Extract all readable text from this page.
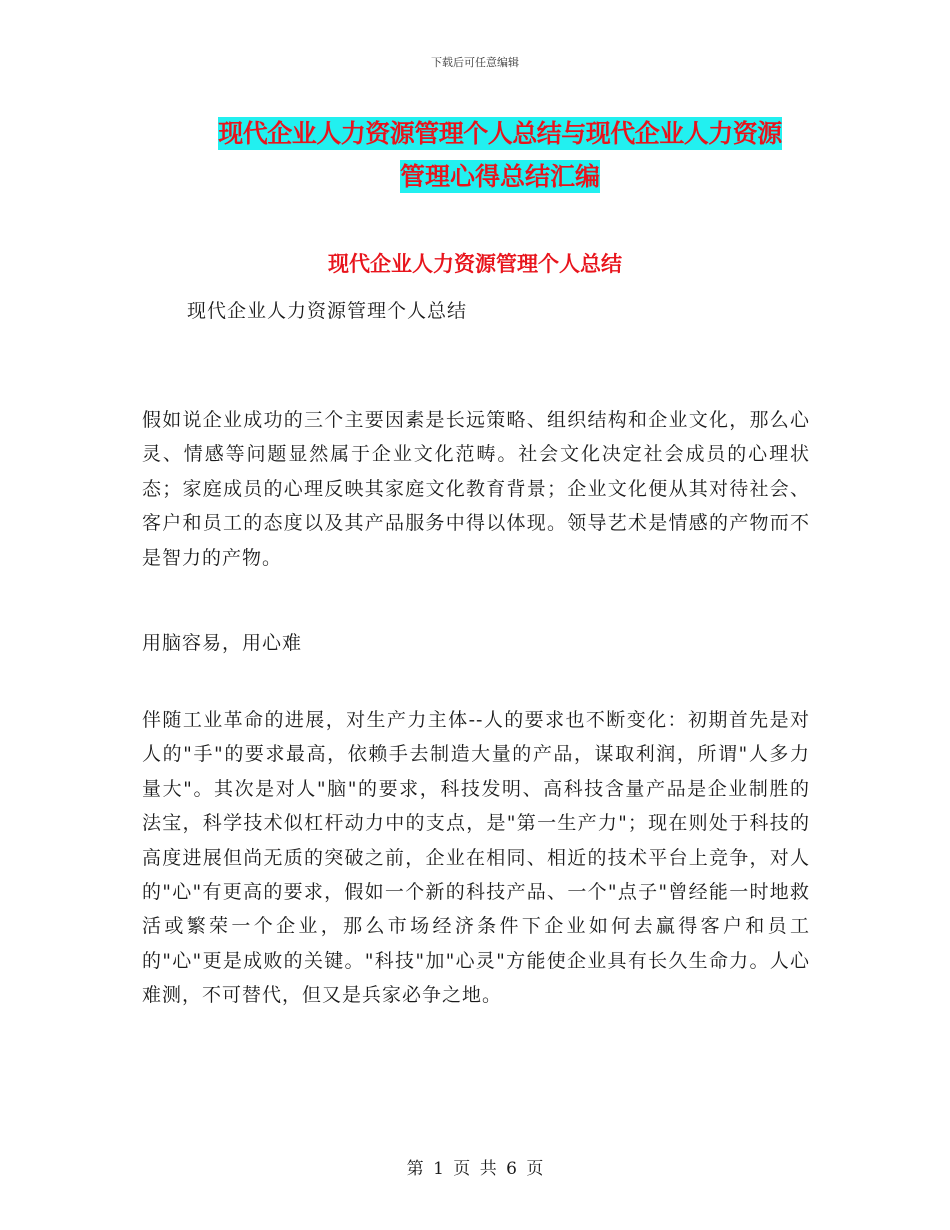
下载后可任意编辑
现代企业人力资源管理个人总结与现代企业人力资源
管理心得总结汇编
现代企业人力资源管理个人总结
现代企业人力资源管理个人总结
假如说企业成功的三个主要因素是长远策略、组织结构和企业文化，那么心灵、情感等问题显然属于企业文化范畴。社会文化决定社会成员的心理状态；家庭成员的心理反映其家庭文化教育背景；企业文化便从其对待社会、客户和员工的态度以及其产品服务中得以体现。领导艺术是情感的产物而不是智力的产物。
用脑容易，用心难
伴随工业革命的进展，对生产力主体--人的要求也不断变化：初期首先是对人的"手"的要求最高，依赖手去制造大量的产品，谋取利润，所谓"人多力量大"。其次是对人"脑"的要求，科技发明、高科技含量产品是企业制胜的法宝，科学技术似杠杆动力中的支点，是"第一生产力"；现在则处于科技的高度进展但尚无质的突破之前，企业在相同、相近的技术平台上竞争，对人的"心"有更高的要求，假如一个新的科技产品、一个"点子"曾经能一时地救活或繁荣一个企业，那么市场经济条件下企业如何去赢得客户和员工的"心"更是成败的关键。"科技"加"心灵"方能使企业具有长久生命力。人心难测，不可替代，但又是兵家必争之地。
第 1 页 共 6 页
